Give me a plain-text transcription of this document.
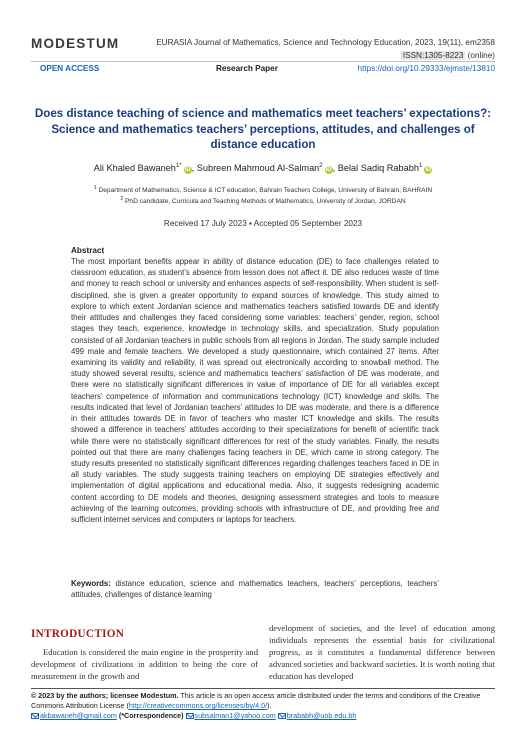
MODESTUM	EURASIA Journal of Mathematics, Science and Technology Education, 2023, 19(11), em2358
ISSN:1305-8223 (online)
OPEN ACCESS	Research Paper	https://doi.org/10.29333/ejmste/13810
Does distance teaching of science and mathematics meet teachers’ expectations?: Science and mathematics teachers’ perceptions, attitudes, and challenges of distance education
Ali Khaled Bawaneh$^{1*}$iD, Subreen Mahmoud Al-Salman$^2$iD, Belal Sadiq Rababh$^1$iD
$^1$ Department of Mathematics, Science & ICT education, Bahrain Teachers College, University of Bahrain, BAHRAIN
$^2$ PhD candidate, Curricula and Teaching Methods of Mathematics, University of Jordan, JORDAN
Received 17 July 2023 ▪ Accepted 05 September 2023
Abstract
The most important benefits appear in ability of distance education (DE) to face challenges related to classroom education, as student’s absence from lesson does not affect it. DE also reduces waste of time and money to reach school or university and enhances aspects of self-responsibility. When student is self-disciplined, she is given a greater opportunity to expand sources of knowledge. This study aimed to explore to which extent Jordanian science and mathematics teachers satisfied towards DE and identify their attitudes and challenges they faced considering some variables: teachers’ gender, region, school stages they teach, experience, knowledge in technology skills, and specialization. Study population consisted of all Jordanian teachers in public schools from all regions in Jordan. The study sample included 499 male and female teachers. We developed a study questionnaire, which contained 27 items. After examining its validity and reliability, it was spread out electronically according to snowball method. The study showed several results, science and mathematics teachers’ satisfaction of DE was moderate, and there were no statistically significant differences in value of importance of DE for all variables except teachers’ competence of information and communications technology (ICT) knowledge and skills. The results indicated that level of Jordanian teachers’ attitudes to DE was moderate, and there is a difference in their attitudes towards DE in favor of teachers who master ICT knowledge and skills. The results showed a difference in teachers’ attitudes according to their specializations for benefit of scientific track while there were no statistically significant differences for rest of the study variables. Finally, the results pointed out that there are many challenges facing teachers in DE, which came in strong category. The study results presented no statistically significant differences regarding challenges teachers faced in DE in all study variables. The study suggests training teachers on employing DE strategies effectively and implementation of digital applications and educational media. Also, it suggests redesigning academic content according to DE models and theories, designing assessment strategies and tools to measure achieving of the learning outcomes, providing schools with infrastructure of DE, and providing free and sufficient internet services and computers or laptops for teachers.
Keywords: distance education, science and mathematics teachers, teachers’ perceptions, teachers’ attitudes, challenges of distance learning
INTRODUCTION
Education is considered the main engine in the prosperity and development of civilizations in addition to being the core of measurement in the growth and
development of societies, and the level of education among individuals represents the essential basis for civilizational progress, as it constitutes a fundamental difference between advanced societies and backward societies. It is worth noting that education has developed
© 2023 by the authors; licensee Modestum. This article is an open access article distributed under the terms and conditions of the Creative Commons Attribution License (http://creativecommons.org/licenses/by/4.0/).
akbawaneh@gmail.com (*Correspondence) subsalman1@yahoo.com brababh@uob.edu.bh
